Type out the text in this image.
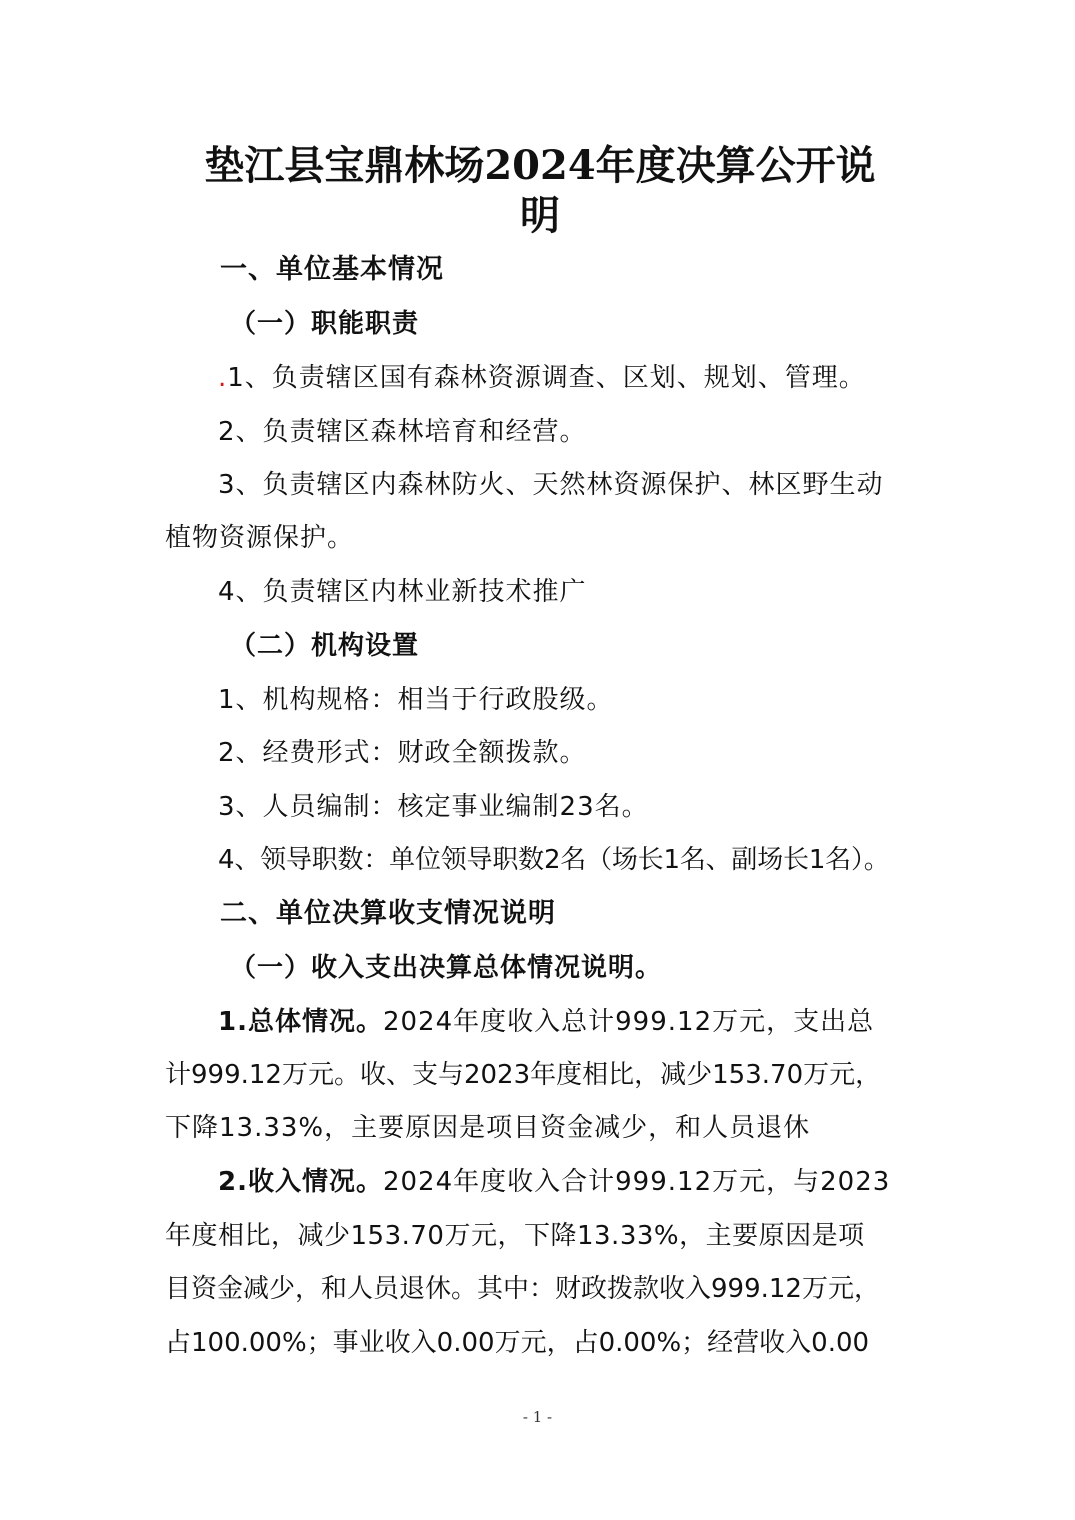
垫江县宝鼎林场2024年度决算公开说
明
一、单位基本情况
（一）职能职责
.1、负责辖区国有森林资源调查、区划、规划、管理。
2、负责辖区森林培育和经营。
3、负责辖区内森林防火、天然林资源保护、林区野生动
植物资源保护。
4、负责辖区内林业新技术推广
（二）机构设置
1、机构规格：相当于行政股级。
2、经费形式：财政全额拨款。
3、人员编制：核定事业编制23名。
4、领导职数：单位领导职数2名（场长1名、副场长1名）。
二、单位决算收支情况说明
（一）收入支出决算总体情况说明。
1.总体情况。2024年度收入总计999.12万元，支出总
计999.12万元。收、支与2023年度相比，减少153.70万元，
下降13.33%，主要原因是项目资金减少，和人员退休
2.收入情况。2024年度收入合计999.12万元，与2023
年度相比，减少153.70万元，下降13.33%，主要原因是项
目资金减少，和人员退休。其中：财政拨款收入999.12万元，
占100.00%；事业收入0.00万元，占0.00%；经营收入0.00
- 1 -
